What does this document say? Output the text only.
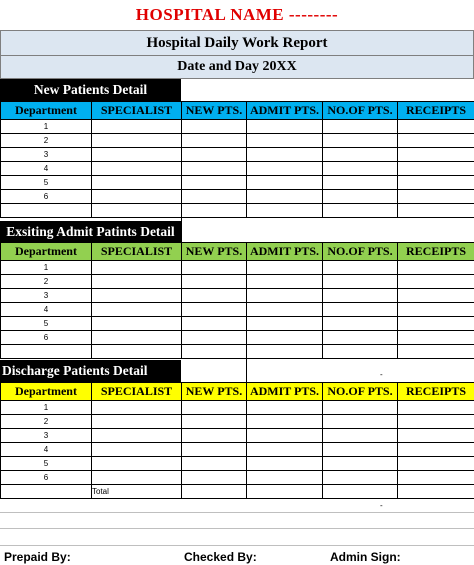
HOSPITAL NAME --------
Hospital Daily Work Report
Date and Day 20XX
New Patients Detail
Department	SPECIALIST	NEW PTS.	ADMIT PTS.	NO.OF PTS.	RECEIPTS
1					
2					
3					
4					
5					
6					

Exsiting Admit Patints Detail
Department	SPECIALIST	NEW PTS.	ADMIT PTS.	NO.OF PTS.	RECEIPTS
1					
2					
3					
4					
5					
6					

-
Discharge Patients Detail
Department	SPECIALIST	NEW PTS.	ADMIT PTS.	NO.OF PTS.	RECEIPTS
1					
2					
3					
4					
5					
6					
	Total				
-
Prepaid By:	Checked By:	Admin Sign:
